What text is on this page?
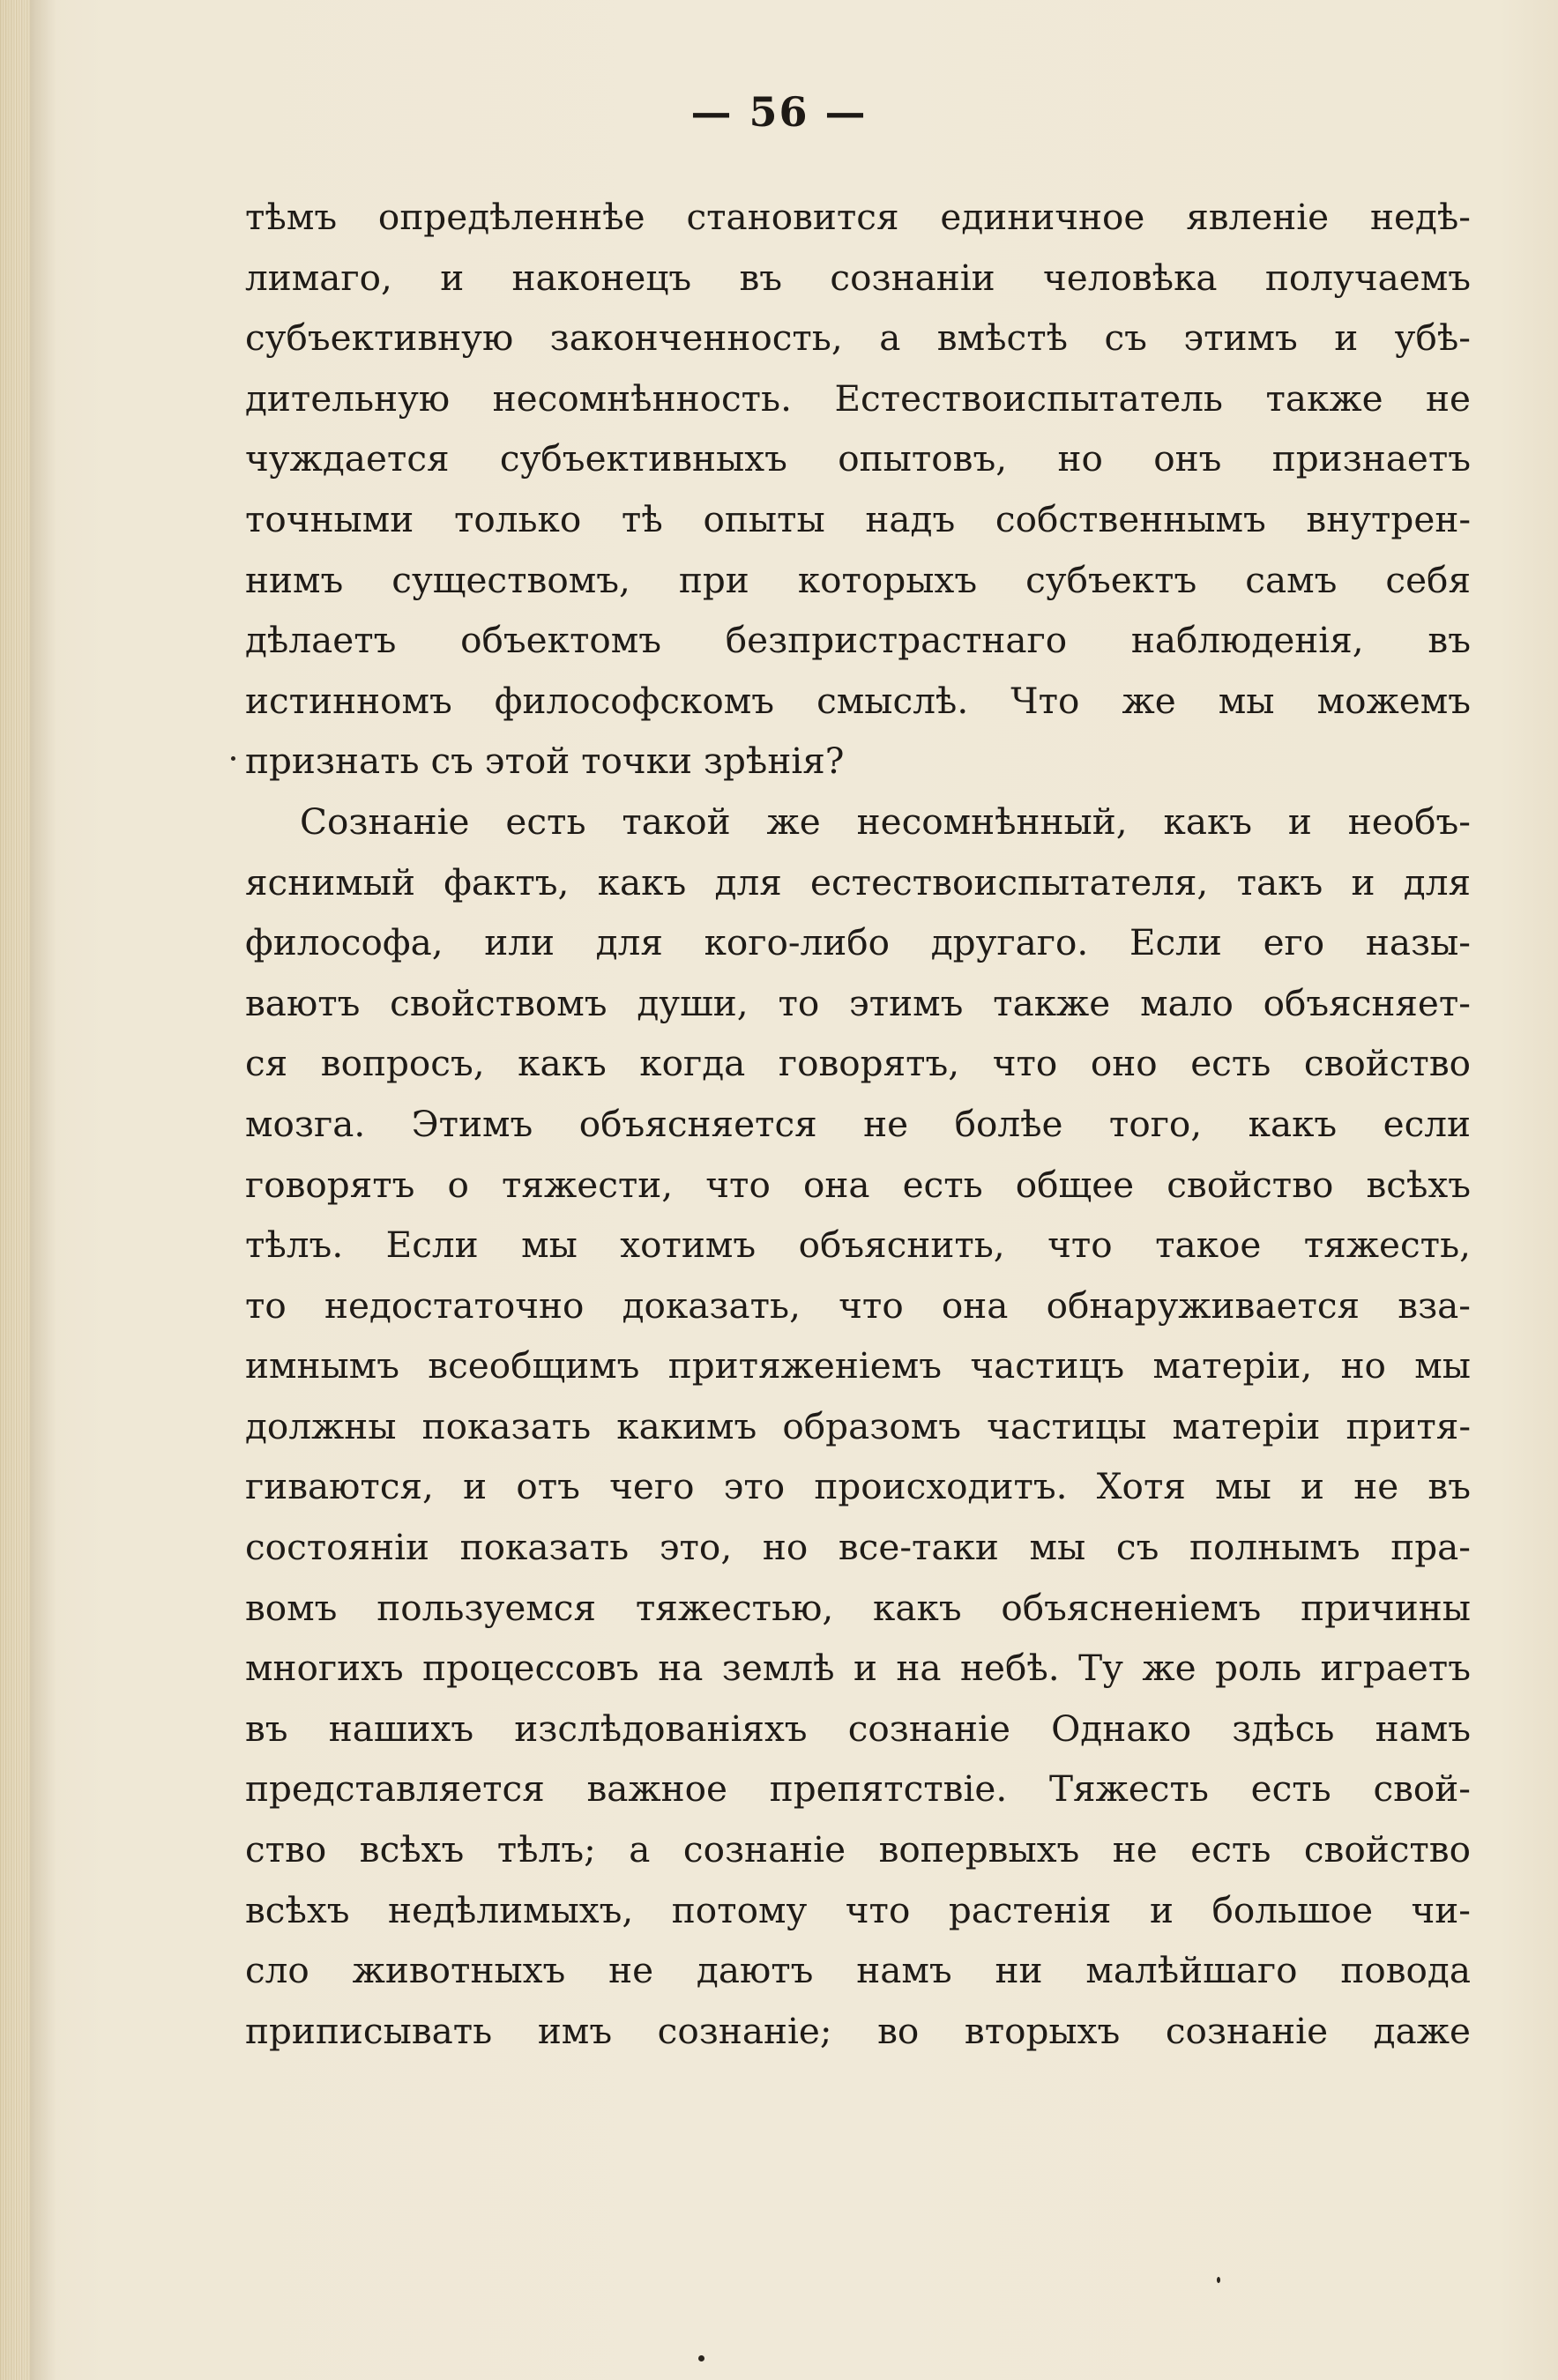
— 56 —
тѣмъ опредѣленнѣе становится единичное явленiе недѣ-
лимаго, и наконецъ въ сознанiи человѣка получаемъ
субъективную законченность, а вмѣстѣ съ этимъ и убѣ-
дительную несомнѣнность. Естествоиспытатель также не
чуждается субъективныхъ опытовъ, но онъ признаетъ
точными только тѣ опыты надъ собственнымъ внутрен-
нимъ существомъ, при которыхъ субъектъ самъ себя
дѣлаетъ объектомъ безпристрастнаго наблюденiя, въ
истинномъ философскомъ смыслѣ. Что же мы можемъ
признать съ этой точки зрѣнiя?
Сознанiе есть такой же несомнѣнный, какъ и необъ-
яснимый фактъ, какъ для естествоиспытателя, такъ и для
философа, или для кого-либо другаго. Если его назы-
ваютъ свойствомъ души, то этимъ также мало объясняет-
ся вопросъ, какъ когда говорятъ, что оно есть свойство
мозга. Этимъ объясняется не болѣе того, какъ если
говорятъ о тяжести, что она есть общее свойство всѣхъ
тѣлъ. Если мы хотимъ объяснить, что такое тяжесть,
то недостаточно доказать, что она обнаруживается вза-
имнымъ всеобщимъ притяженiемъ частицъ матерiи, но мы
должны показать какимъ образомъ частицы матерiи притя-
гиваются, и отъ чего это происходитъ. Хотя мы и не въ
состоянiи показать это, но все-таки мы съ полнымъ пра-
вомъ пользуемся тяжестью, какъ объясненiемъ причины
многихъ процессовъ на землѣ и на небѣ. Ту же роль играетъ
въ нашихъ изслѣдованiяхъ сознанiе Однако здѣсь намъ
представляется важное препятствiе. Тяжесть есть свой-
ство всѣхъ тѣлъ; а сознанiе вопервыхъ не есть свойство
всѣхъ недѣлимыхъ, потому что растенiя и большое чи-
сло животныхъ не даютъ намъ ни малѣйшаго повода
приписывать имъ сознанiе; во вторыхъ сознанiе даже
